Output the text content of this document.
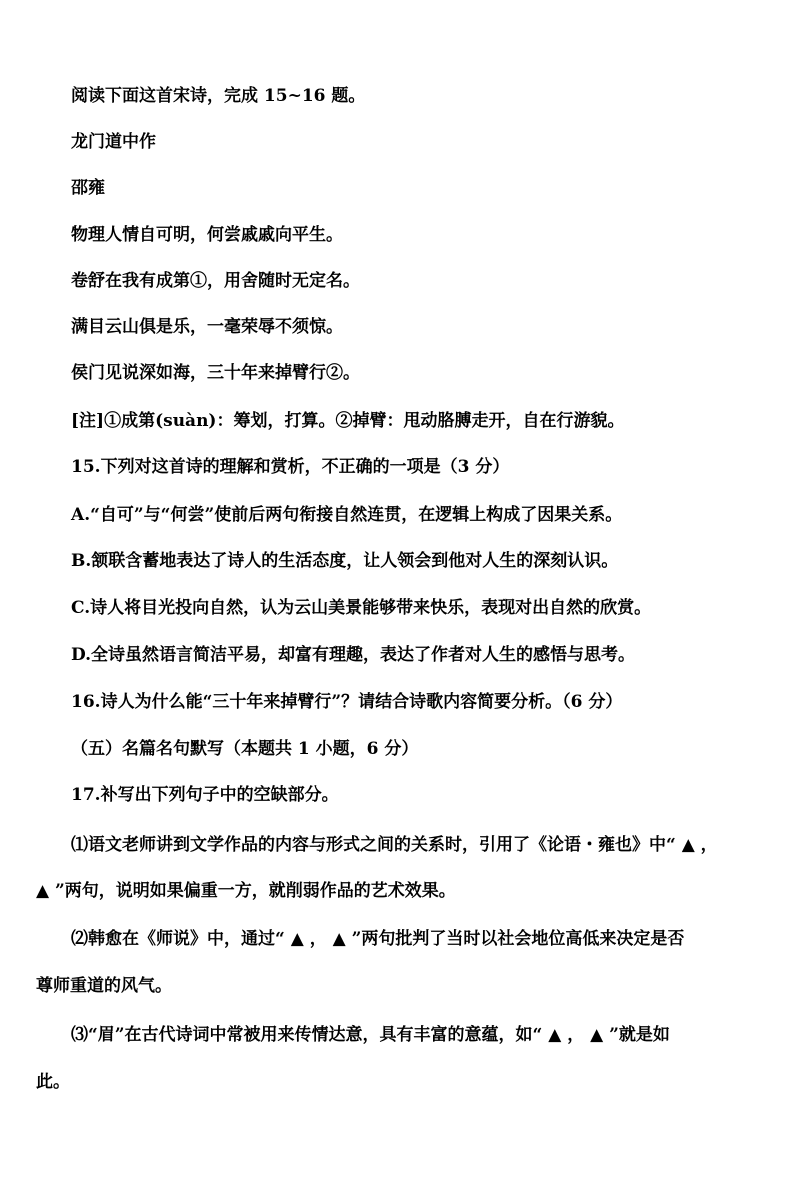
阅读下面这首宋诗，完成 15~16 题。
龙门道中作
邵雍
物理人情自可明，何尝戚戚向平生。
卷舒在我有成第①，用舍随时无定名。
满目云山俱是乐，一毫荣辱不须惊。
侯门见说深如海，三十年来掉臂行②。
[注]①成第(suàn)：筹划，打算。②掉臂：甩动胳膊走开，自在行游貌。
15.下列对这首诗的理解和赏析，不正确的一项是（3 分）
A.“自可”与“何尝”使前后两句衔接自然连贯，在逻辑上构成了因果关系。
B.颔联含蓄地表达了诗人的生活态度，让人领会到他对人生的深刻认识。
C.诗人将目光投向自然，认为云山美景能够带来快乐，表现对出自然的欣赏。
D.全诗虽然语言简洁平易，却富有理趣，表达了作者对人生的感悟与思考。
16.诗人为什么能“三十年来掉臂行”？请结合诗歌内容简要分析。（6 分）
（五）名篇名句默写（本题共 1 小题，6 分）
17.补写出下列句子中的空缺部分。
⑴语文老师讲到文学作品的内容与形式之间的关系时，引用了《论语・雍也》中“ ▲ ，
▲ ”两句，说明如果偏重一方，就削弱作品的艺术效果。
⑵韩愈在《师说》中，通过“ ▲ ， ▲ ”两句批判了当时以社会地位高低来决定是否
尊师重道的风气。
⑶“眉”在古代诗词中常被用来传情达意，具有丰富的意蕴，如“ ▲ ， ▲ ”就是如
此。
